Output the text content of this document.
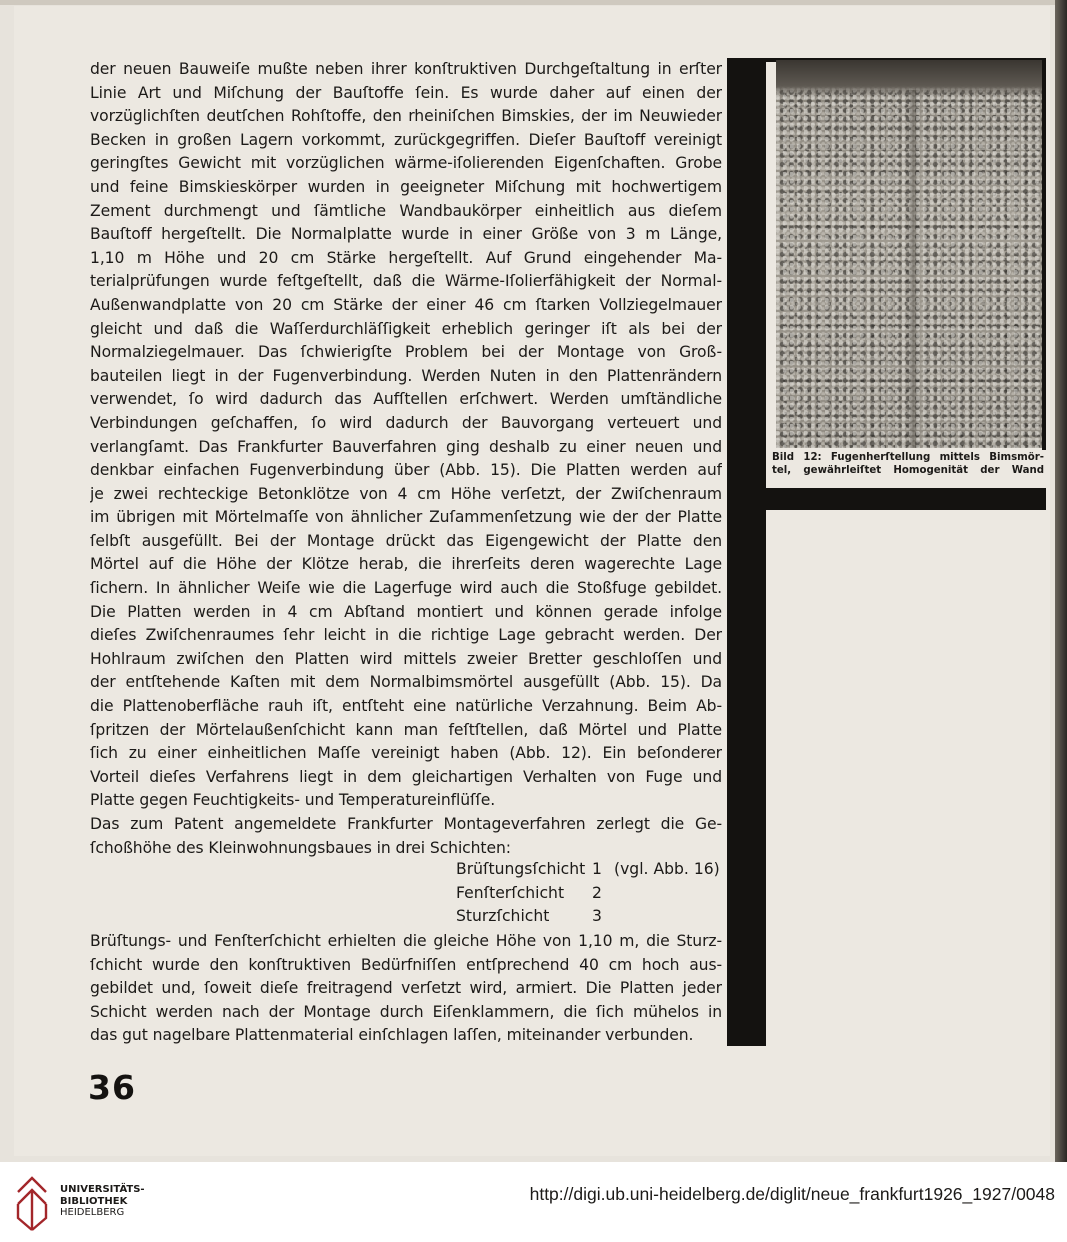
der neuen Bauweiſe mußte neben ihrer konſtruktiven Durchgeſtaltung in erſter
Linie Art und Miſchung der Bauſtoffe ſein. Es wurde daher auf einen der
vorzüglichſten deutſchen Rohſtoffe, den rheiniſchen Bimskies, der im Neuwieder
Becken in großen Lagern vorkommt, zurückgegriffen. Dieſer Bauſtoff vereinigt
geringſtes Gewicht mit vorzüglichen wärme-iſolierenden Eigenſchaften. Grobe
und feine Bimskieskörper wurden in geeigneter Miſchung mit hochwertigem
Zement durchmengt und ſämtliche Wandbaukörper einheitlich aus dieſem
Bauſtoff hergeſtellt. Die Normalplatte wurde in einer Größe von 3 m Länge,
1,10 m Höhe und 20 cm Stärke hergeſtellt. Auf Grund eingehender Ma-
terialprüfungen wurde feſtgeſtellt, daß die Wärme-Iſolierfähigkeit der Normal-
Außenwandplatte von 20 cm Stärke der einer 46 cm ſtarken Vollziegelmauer
gleicht und daß die Waſſerdurchläſſigkeit erheblich geringer iſt als bei der
Normalziegelmauer. Das ſchwierigſte Problem bei der Montage von Groß-
bauteilen liegt in der Fugenverbindung. Werden Nuten in den Plattenrändern
verwendet, ſo wird dadurch das Aufſtellen erſchwert. Werden umſtändliche
Verbindungen geſchaffen, ſo wird dadurch der Bauvorgang verteuert und
verlangſamt. Das Frankfurter Bauverfahren ging deshalb zu einer neuen und
denkbar einfachen Fugenverbindung über (Abb. 15). Die Platten werden auf
je zwei rechteckige Betonklötze von 4 cm Höhe verſetzt, der Zwiſchenraum
im übrigen mit Mörtelmaſſe von ähnlicher Zuſammenſetzung wie der der Platte
ſelbſt ausgefüllt. Bei der Montage drückt das Eigengewicht der Platte den
Mörtel auf die Höhe der Klötze herab, die ihrerſeits deren wagerechte Lage
ſichern. In ähnlicher Weiſe wie die Lagerfuge wird auch die Stoßfuge gebildet.
Die Platten werden in 4 cm Abſtand montiert und können gerade infolge
dieſes Zwiſchenraumes ſehr leicht in die richtige Lage gebracht werden. Der
Hohlraum zwiſchen den Platten wird mittels zweier Bretter geschloſſen und
der entſtehende Kaſten mit dem Normalbimsmörtel ausgefüllt (Abb. 15). Da
die Plattenoberfläche rauh iſt, entſteht eine natürliche Verzahnung. Beim Ab-
ſpritzen der Mörtelaußenſchicht kann man feſtſtellen, daß Mörtel und Platte
ſich zu einer einheitlichen Maſſe vereinigt haben (Abb. 12). Ein beſonderer
Vorteil dieſes Verfahrens liegt in dem gleichartigen Verhalten von Fuge und
Platte gegen Feuchtigkeits- und Temperatureinflüſſe.
Das zum Patent angemeldete Frankfurter Montageverfahren zerlegt die Ge-
ſchoßhöhe des Kleinwohnungsbaues in drei Schichten:
Brüſtungsſchicht 1 (vgl. Abb. 16)
Fenſterſchicht	2
Sturzſchicht	3
Brüſtungs- und Fenſterſchicht erhielten die gleiche Höhe von 1,10 m, die Sturz-
ſchicht wurde den konſtruktiven Bedürfniſſen entſprechend 40 cm hoch aus-
gebildet und, ſoweit dieſe freitragend verſetzt wird, armiert. Die Platten jeder
Schicht werden nach der Montage durch Eiſenklammern, die ſich mühelos in
das gut nagelbare Plattenmaterial einſchlagen laſſen, miteinander verbunden.
Bild 12: Fugenherſtellung mittels Bimsmör-
tel, gewährleiſtet Homogenität der Wand
36
UNIVERSITÄTS-
BIBLIOTHEK
HEIDELBERG
http://digi.ub.uni-heidelberg.de/diglit/neue_frankfurt1926_1927/0048
